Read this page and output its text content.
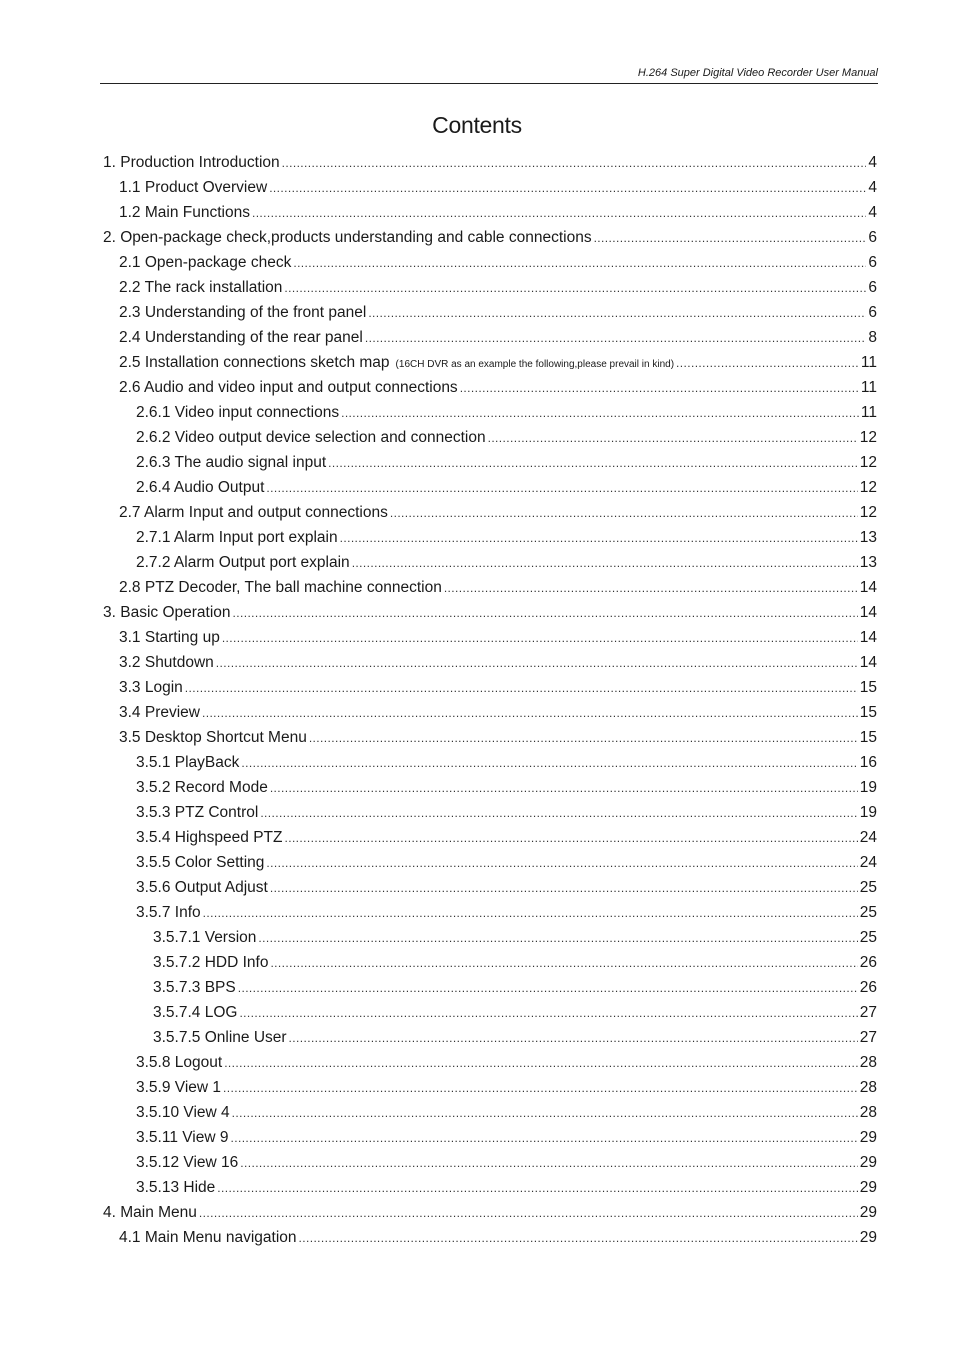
H.264 Super Digital Video Recorder User Manual
Contents
1. Production Introduction .....	4
1.1 Product Overview .....	4
1.2 Main Functions .....	4
2. Open-package check,products understanding and cable connections .....	6
2.1 Open-package check .....	6
2.2 The rack installation .....	6
2.3 Understanding of the front panel .....	6
2.4 Understanding of the rear panel .....	8
2.5 Installation connections sketch map (16CH DVR as an example the following,please prevail in kind) .....	11
2.6 Audio and video input and output connections .....	11
2.6.1 Video input connections .....	11
2.6.2 Video output device selection and connection .....	12
2.6.3 The audio signal input .....	12
2.6.4 Audio Output .....	12
2.7 Alarm Input and output connections .....	12
2.7.1 Alarm Input port explain .....	13
2.7.2 Alarm Output port explain .....	13
2.8 PTZ Decoder, The ball machine connection .....	14
3. Basic Operation .....	14
3.1 Starting up .....	14
3.2 Shutdown .....	14
3.3 Login .....	15
3.4 Preview .....	15
3.5 Desktop Shortcut Menu .....	15
3.5.1 PlayBack .....	16
3.5.2 Record Mode .....	19
3.5.3 PTZ Control .....	19
3.5.4 Highspeed PTZ .....	24
3.5.5 Color Setting .....	24
3.5.6 Output Adjust .....	25
3.5.7 Info .....	25
3.5.7.1 Version .....	25
3.5.7.2 HDD Info .....	26
3.5.7.3 BPS .....	26
3.5.7.4 LOG .....	27
3.5.7.5 Online User .....	27
3.5.8 Logout .....	28
3.5.9 View 1 .....	28
3.5.10 View 4 .....	28
3.5.11 View 9 .....	29
3.5.12 View 16 .....	29
3.5.13 Hide .....	29
4. Main Menu .....	29
4.1 Main Menu navigation .....	29
